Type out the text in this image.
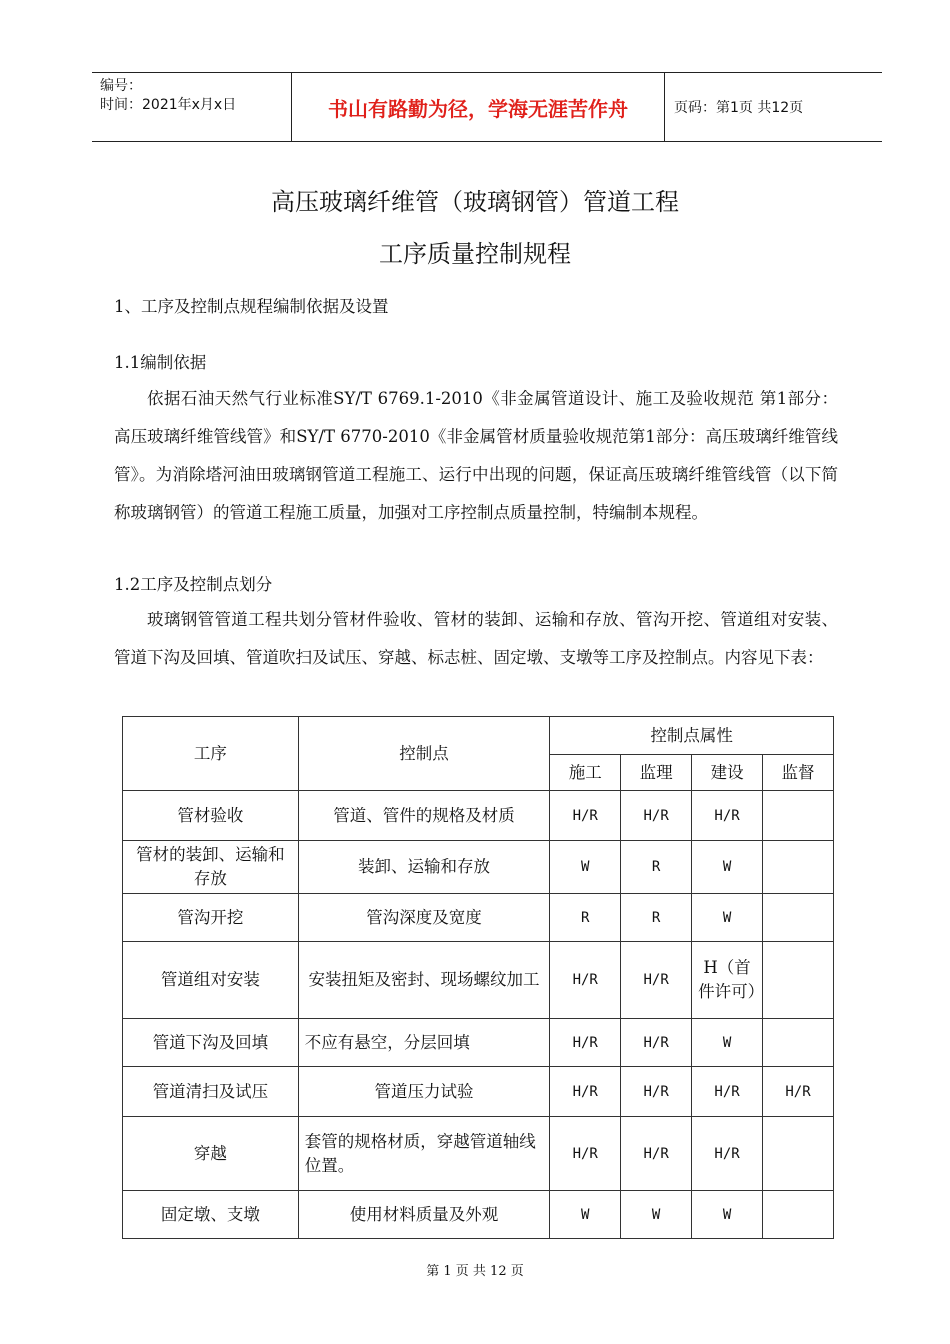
编号：
时间：2021年x月x日	书山有路勤为径，学海无涯苦作舟	页码：第1页 共12页
高压玻璃纤维管（玻璃钢管）管道工程
工序质量控制规程
1、工序及控制点规程编制依据及设置
1.1编制依据
依据石油天然气行业标准SY/T 6769.1-2010《非金属管道设计、施工及验收规范 第1部分：高压玻璃纤维管线管》和SY/T 6770-2010《非金属管材质量验收规范第1部分：高压玻璃纤维管线管》。为消除塔河油田玻璃钢管道工程施工、运行中出现的问题，保证高压玻璃纤维管线管（以下简称玻璃钢管）的管道工程施工质量，加强对工序控制点质量控制，特编制本规程。
1.2工序及控制点划分
玻璃钢管管道工程共划分管材件验收、管材的装卸、运输和存放、管沟开挖、管道组对安装、管道下沟及回填、管道吹扫及试压、穿越、标志桩、固定墩、支墩等工序及控制点。内容见下表：
工序	控制点	控制点属性			
		施工	监理	建设	监督
管材验收	管道、管件的规格及材质	H/R	H/R	H/R	
管材的装卸、运输和存放	装卸、运输和存放	W	R	W	
管沟开挖	管沟深度及宽度	R	R	W	
管道组对安装	安装扭矩及密封、现场螺纹加工	H/R	H/R	H（首件许可）	
管道下沟及回填	不应有悬空，分层回填	H/R	H/R	W	
管道清扫及试压	管道压力试验	H/R	H/R	H/R	H/R
穿越	套管的规格材质，穿越管道轴线位置。	H/R	H/R	H/R	
固定墩、支墩	使用材料质量及外观	W	W	W	
第 1 页 共 12 页
